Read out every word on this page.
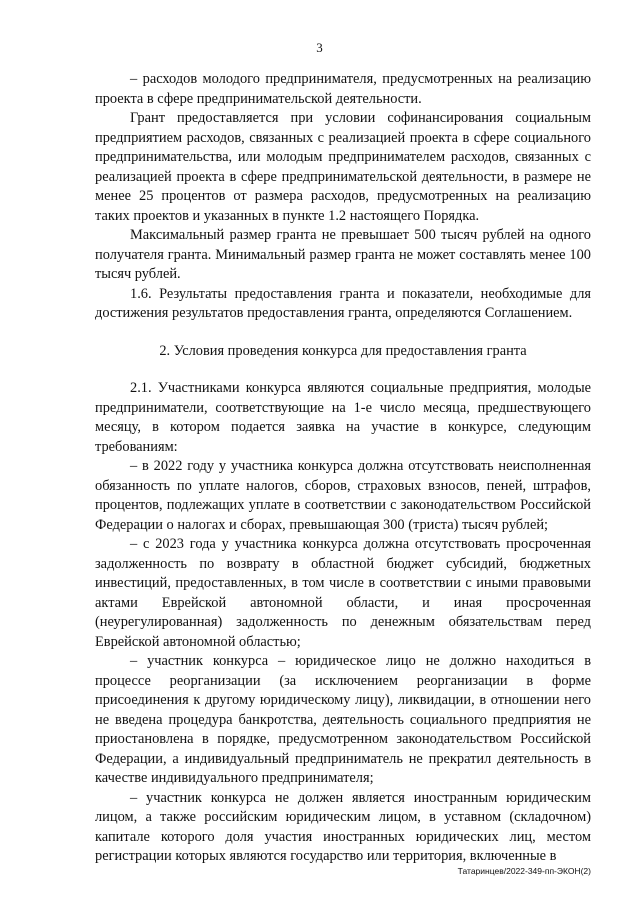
3

– расходов молодого предпринимателя, предусмотренных на реализацию проекта в сфере предпринимательской деятельности.

Грант предоставляется при условии софинансирования социальным предприятием расходов, связанных с реализацией проекта в сфере социального предпринимательства, или молодым предпринимателем расходов, связанных с реализацией проекта в сфере предпринимательской деятельности, в размере не менее 25 процентов от размера расходов, предусмотренных на реализацию таких проектов и указанных в пункте 1.2 настоящего Порядка.

Максимальный размер гранта не превышает 500 тысяч рублей на одного получателя гранта. Минимальный размер гранта не может составлять менее 100 тысяч рублей.

1.6. Результаты предоставления гранта и показатели, необходимые для достижения результатов предоставления гранта, определяются Соглашением.

2. Условия проведения конкурса для предоставления гранта

2.1. Участниками конкурса являются социальные предприятия, молодые предприниматели, соответствующие на 1-е число месяца, предшествующего месяцу, в котором подается заявка на участие в конкурсе, следующим требованиям:

– в 2022 году у участника конкурса должна отсутствовать неисполненная обязанность по уплате налогов, сборов, страховых взносов, пеней, штрафов, процентов, подлежащих уплате в соответствии с законодательством Российской Федерации о налогах и сборах, превышающая 300 (триста) тысяч рублей;

– с 2023 года у участника конкурса должна отсутствовать просроченная задолженность по возврату в областной бюджет субсидий, бюджетных инвестиций, предоставленных, в том числе в соответствии с иными правовыми актами Еврейской автономной области, и иная просроченная (неурегулированная) задолженность по денежным обязательствам перед Еврейской автономной областью;

– участник конкурса – юридическое лицо не должно находиться в процессе реорганизации (за исключением реорганизации в форме присоединения к другому юридическому лицу), ликвидации, в отношении него не введена процедура банкротства, деятельность социального предприятия не приостановлена в порядке, предусмотренном законодательством Российской Федерации, а индивидуальный предприниматель не прекратил деятельность в качестве индивидуального предпринимателя;

– участник конкурса не должен является иностранным юридическим лицом, а также российским юридическим лицом, в уставном (складочном) капитале которого доля участия иностранных юридических лиц, местом регистрации которых являются государство или территория, включенные в

Татаринцев/2022-349-пп-ЭКОН(2)
